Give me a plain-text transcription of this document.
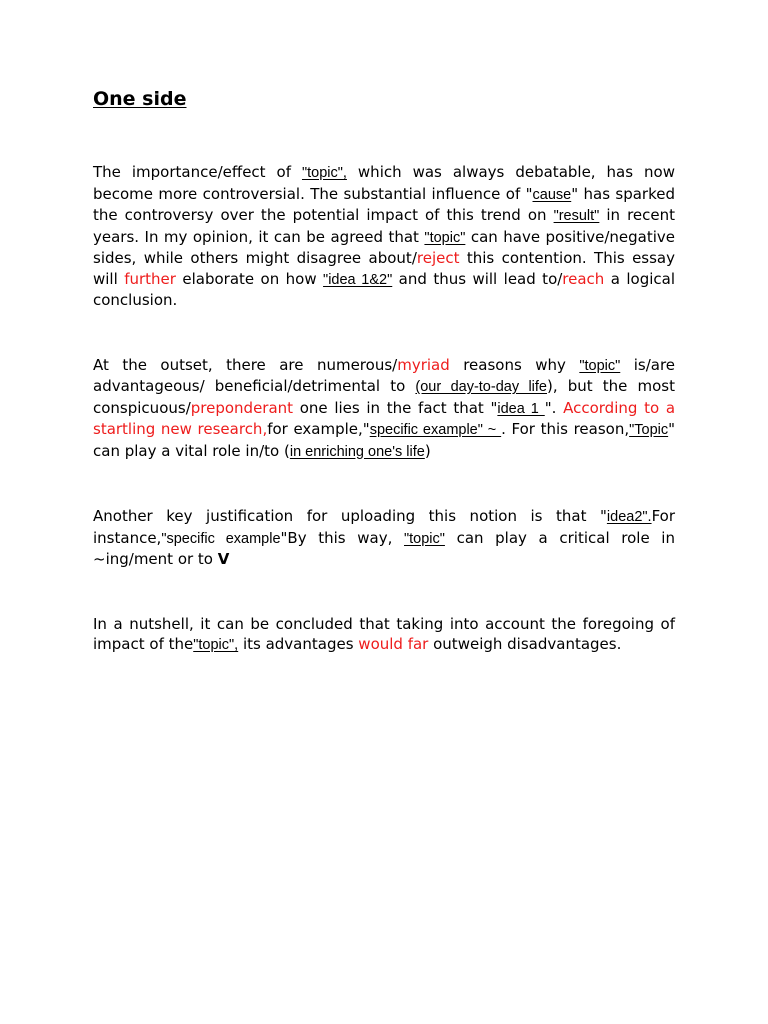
One side

The importance/effect of "topic", which was always debatable, has now become more controversial. The substantial influence of "cause" has sparked the controversy over the potential impact of this trend on "result" in recent years. In my opinion, it can be agreed that "topic" can have positive/negative sides, while others might disagree about/reject this contention. This essay will further elaborate on how "idea 1&2" and thus will lead to/reach a logical conclusion.

At the outset, there are numerous/myriad reasons why "topic" is/are advantageous/ beneficial/detrimental to (our day-to-day life), but the most conspicuous/preponderant one lies in the fact that "idea 1 ". According to a startling new research,for example,"specific example" ~ . For this reason,"Topic" can play a vital role in/to (in enriching one's life)

Another key justification for uploading this notion is that "idea2".For instance,"specific example"By this way, "topic" can play a critical role in ~ing/ment or to V

In a nutshell, it can be concluded that taking into account the foregoing of impact of the"topic", its advantages would far outweigh disadvantages.
